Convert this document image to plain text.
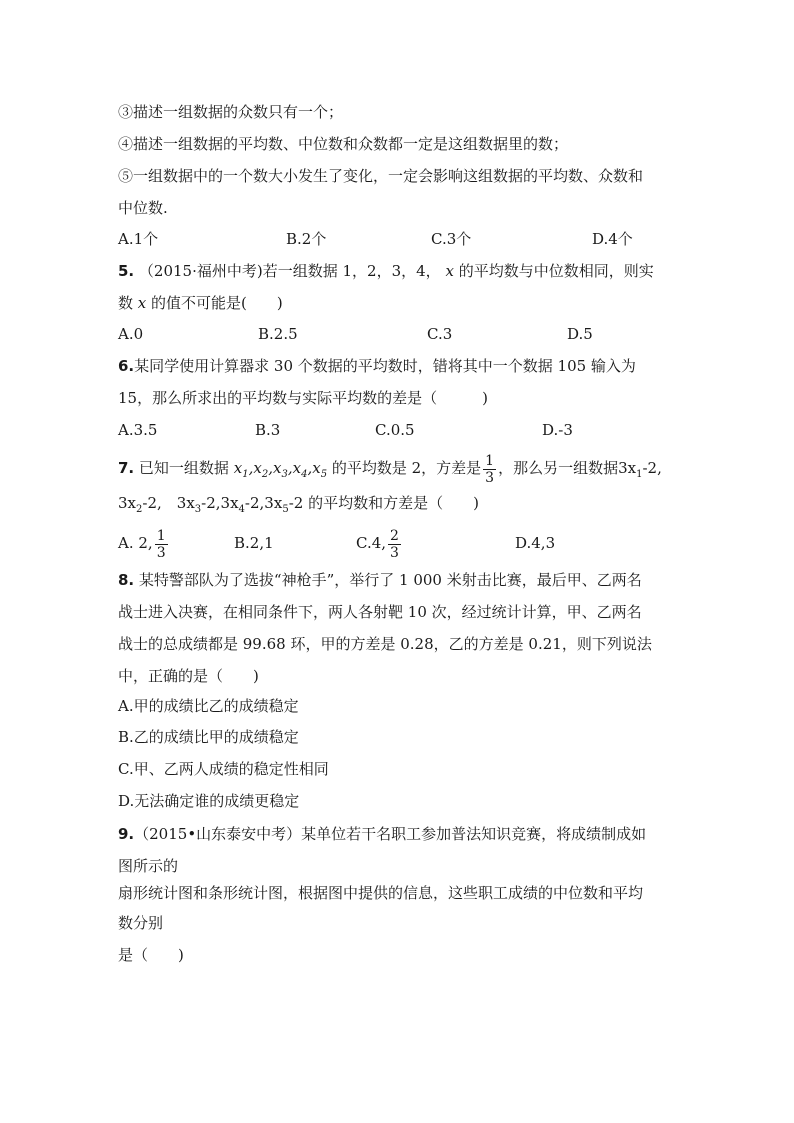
③描述一组数据的众数只有一个；
④描述一组数据的平均数、中位数和众数都一定是这组数据里的数；
⑤一组数据中的一个数大小发生了变化，一定会影响这组数据的平均数、众数和
中位数.
A.1个	B.2个	C.3个	D.4个
5. （2015·福州中考)若一组数据 1，2，3，4， x 的平均数与中位数相同，则实
数 x 的值不可能是(　　)
A.0	B.2.5	C.3	D.5
6.某同学使用计算器求 30 个数据的平均数时，错将其中一个数据 105 输入为
15，那么所求出的平均数与实际平均数的差是（　　　)
A.3.5	B.3	C.0.5	D.-3
7. 已知一组数据 $x_1,x_2,x_3,x_4,x_5$ 的平均数是 2，方差是 $\frac{1}{3}$ ，那么另一组数据$3x_1-2$,
$3x_2-2$,　$3x_3-2,3x_4-2,3x_5-2$ 的平均数和方差是（　　)
A. 2, $\frac{1}{3}$	B.2,1	C.4, $\frac{2}{3}$	D.4,3
8. 某特警部队为了选拔“神枪手”，举行了 1 000 米射击比赛，最后甲、乙两名
战士进入决赛，在相同条件下，两人各射靶 10 次，经过统计计算，甲、乙两名
战士的总成绩都是 99.68 环，甲的方差是 0.28，乙的方差是 0.21，则下列说法
中，正确的是（　　)
A.甲的成绩比乙的成绩稳定
B.乙的成绩比甲的成绩稳定
C.甲、乙两人成绩的稳定性相同
D.无法确定谁的成绩更稳定
9.（2015•山东泰安中考）某单位若干名职工参加普法知识竞赛，将成绩制成如
图所示的
扇形统计图和条形统计图，根据图中提供的信息，这些职工成绩的中位数和平均
数分别
是（　　)
